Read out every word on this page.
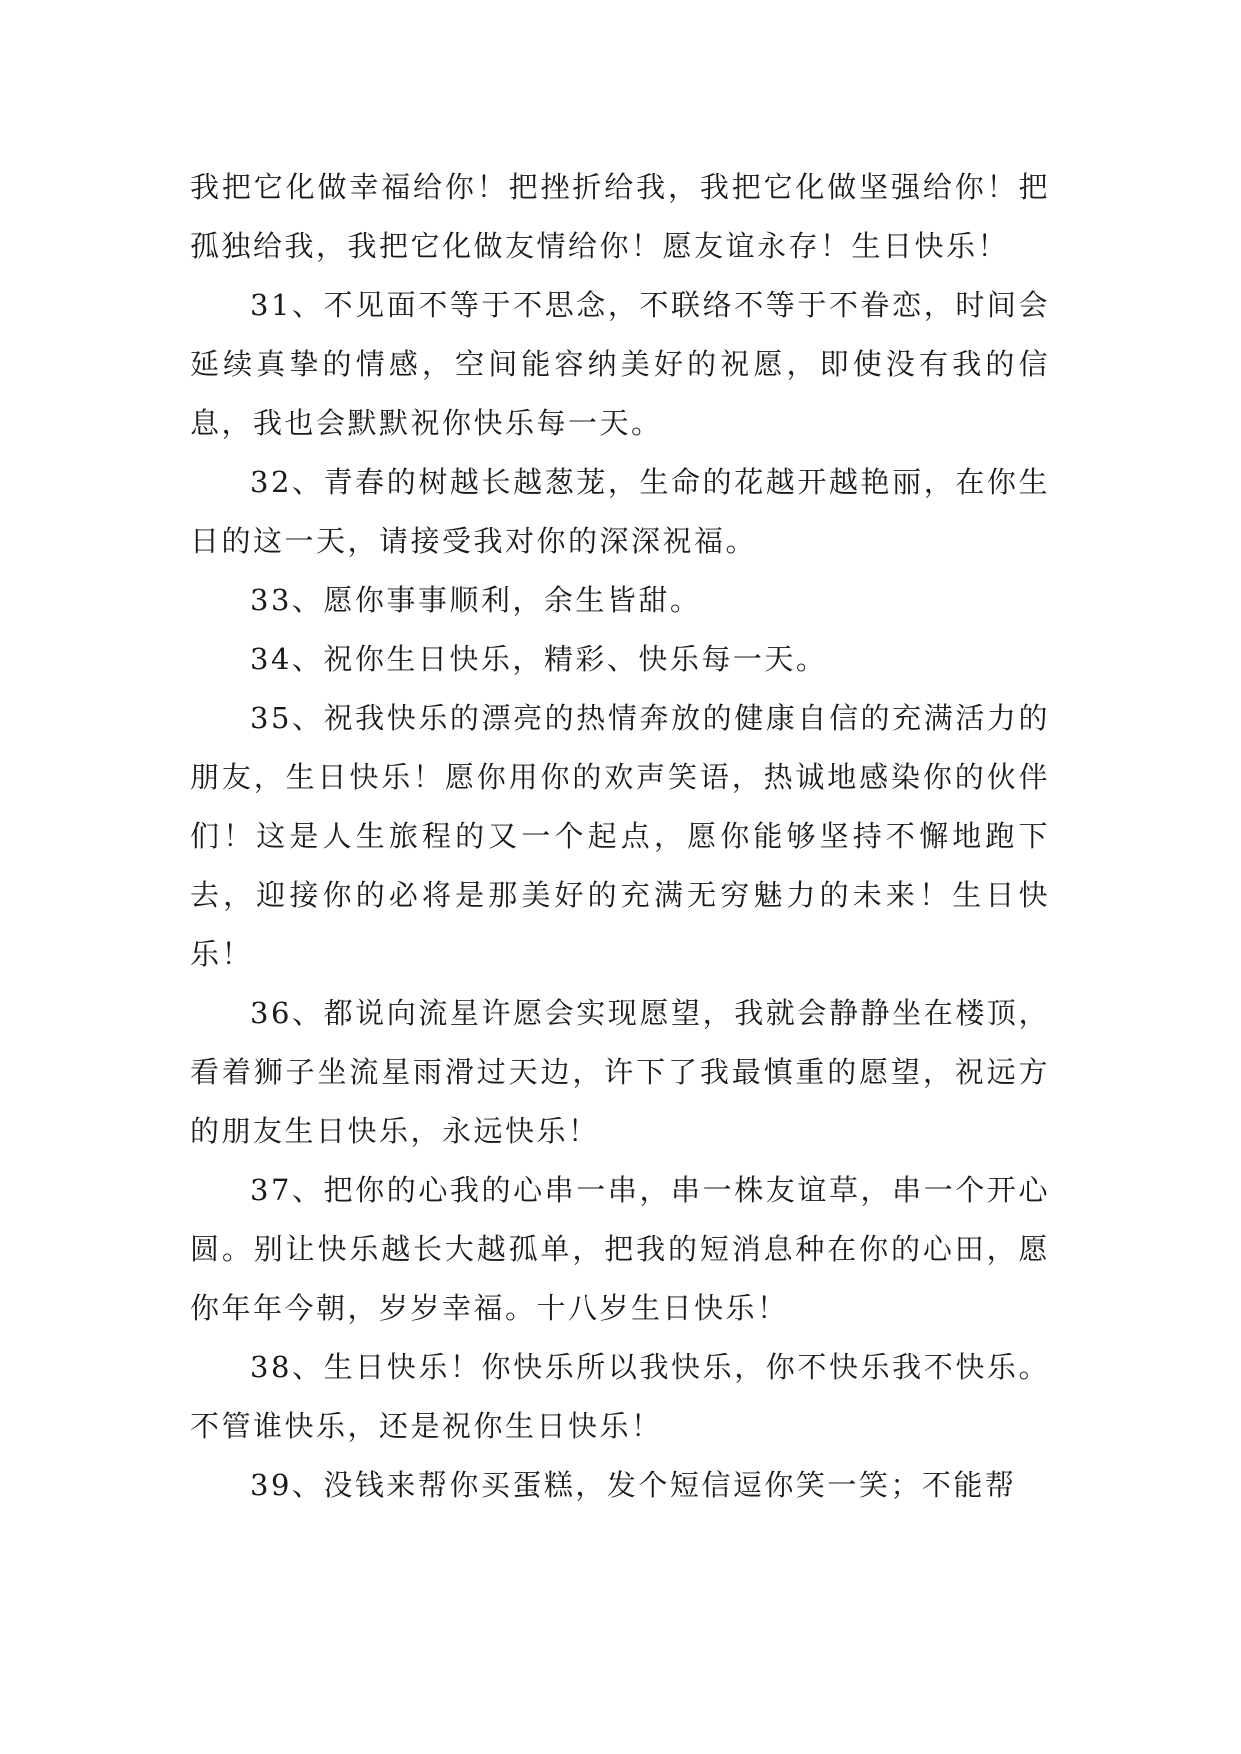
我把它化做幸福给你！把挫折给我，我把它化做坚强给你！把孤独给我，我把它化做友情给你！愿友谊永存！生日快乐！

31、不见面不等于不思念，不联络不等于不眷恋，时间会延续真挚的情感，空间能容纳美好的祝愿，即使没有我的信息，我也会默默祝你快乐每一天。

32、青春的树越长越葱茏，生命的花越开越艳丽，在你生日的这一天，请接受我对你的深深祝福。

33、愿你事事顺利，余生皆甜。

34、祝你生日快乐，精彩、快乐每一天。

35、祝我快乐的漂亮的热情奔放的健康自信的充满活力的朋友，生日快乐！愿你用你的欢声笑语，热诚地感染你的伙伴们！这是人生旅程的又一个起点，愿你能够坚持不懈地跑下去，迎接你的必将是那美好的充满无穷魅力的未来！生日快乐！

36、都说向流星许愿会实现愿望，我就会静静坐在楼顶，看着狮子坐流星雨滑过天边，许下了我最慎重的愿望，祝远方的朋友生日快乐，永远快乐！

37、把你的心我的心串一串，串一株友谊草，串一个开心圆。别让快乐越长大越孤单，把我的短消息种在你的心田，愿你年年今朝，岁岁幸福。十八岁生日快乐！

38、生日快乐！你快乐所以我快乐，你不快乐我不快乐。不管谁快乐，还是祝你生日快乐！

39、没钱来帮你买蛋糕，发个短信逗你笑一笑；不能帮
